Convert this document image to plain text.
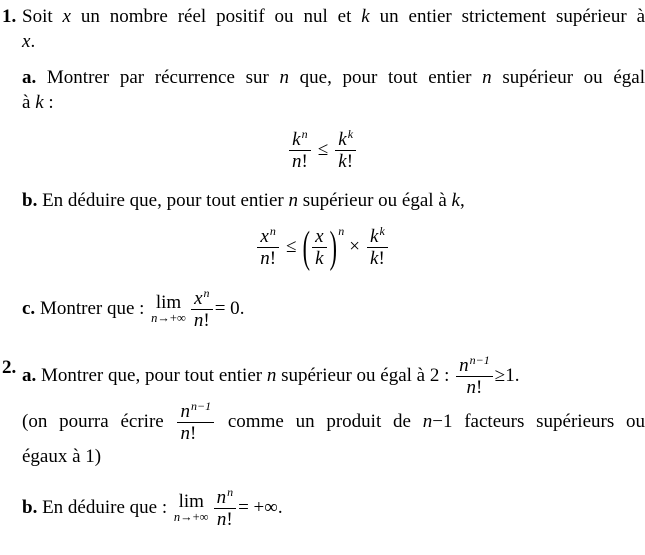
1. Soit x un nombre réel positif ou nul et k un entier strictement supérieur à
x.
a. Montrer par récurrence sur n que, pour tout entier n supérieur ou égal
à k :
$\frac{k^n}{n!} \le \frac{k^k}{k!}$
b. En déduire que, pour tout entier n supérieur ou égal à k,
$\frac{x^n}{n!}$ ≤ ( $\frac{x}{k}$ ) $^n\times \frac{k^k}{k!}$
c. Montrer que : lim
$n\to+\infty \frac{x^n}{n!} = 0$.
2. a. Montrer que, pour tout entier n supérieur ou égal à 2 : $\frac{n^{n-1}}{n!} \ge 1$.
(on pourra écrire $\frac{n^{n-1}}{n!}$ comme un produit de n−1 facteurs supérieurs ou
égaux à 1)
b. En déduire que : lim
$n\to+\infty \frac{n^n}{n!}$ = +∞.
